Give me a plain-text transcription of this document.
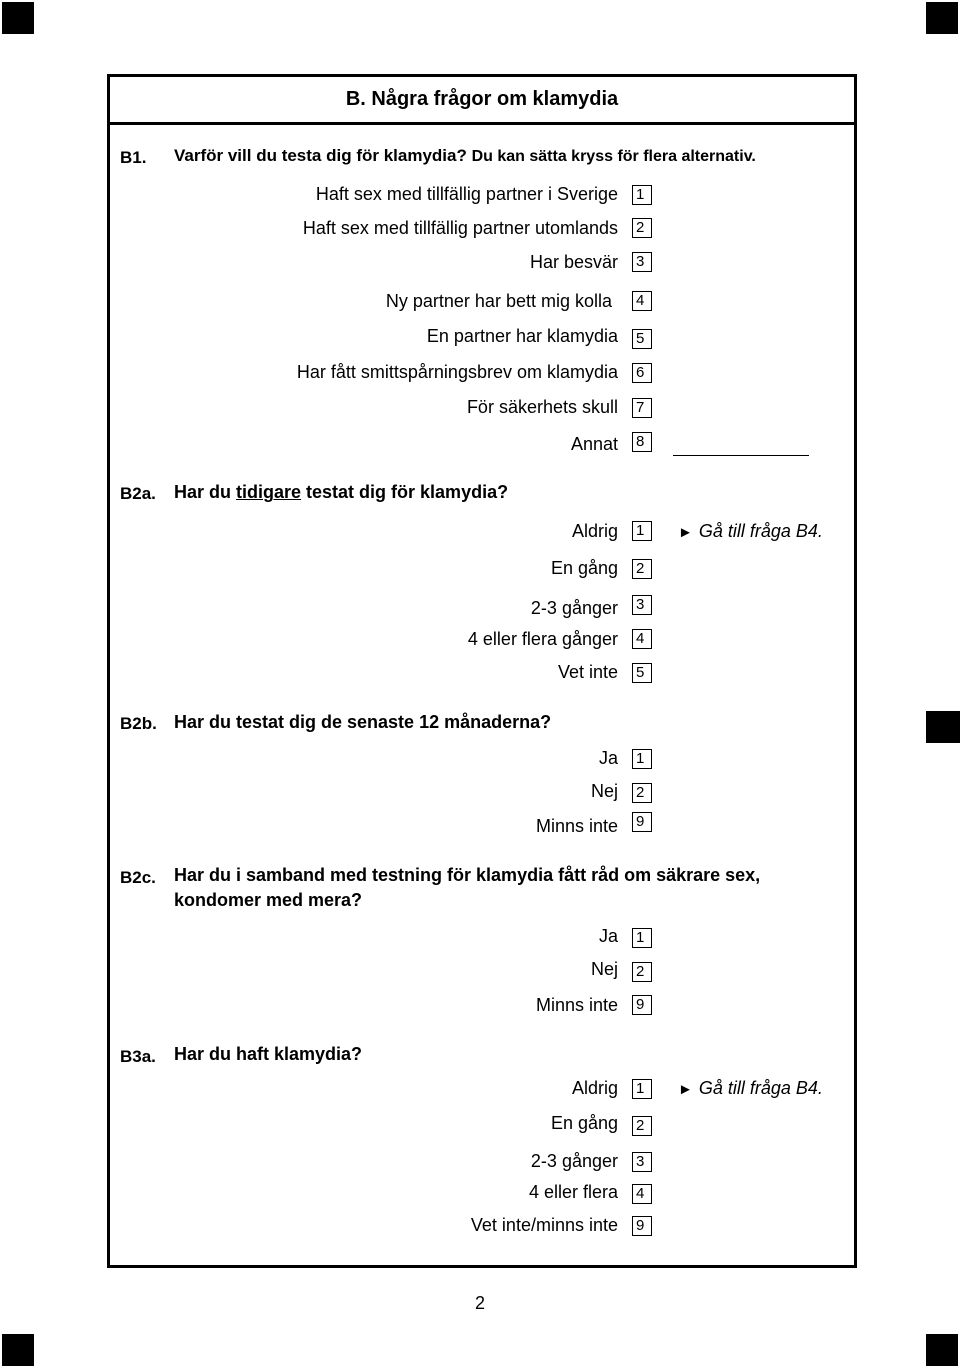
B. Några frågor om klamydia
B1. Varför vill du testa dig för klamydia? Du kan sätta kryss för flera alternativ.
Haft sex med tillfällig partner i Sverige 1
Haft sex med tillfällig partner utomlands 2
Har besvär 3
Ny partner har bett mig kolla 4
En partner har klamydia 5
Har fått smittspårningsbrev om klamydia 6
För säkerhets skull 7
Annat 8
B2a. Har du tidigare testat dig för klamydia?
Aldrig 1	► Gå till fråga B4.
En gång 2
2-3 gånger 3
4 eller flera gånger 4
Vet inte 5
B2b. Har du testat dig de senaste 12 månaderna?
Ja 1
Nej 2
Minns inte 9
B2c. Har du i samband med testning för klamydia fått råd om säkrare sex,
kondomer med mera?
Ja 1
Nej 2
Minns inte 9
B3a. Har du haft klamydia?
Aldrig 1	► Gå till fråga B4.
En gång 2
2-3 gånger 3
4 eller flera 4
Vet inte/minns inte 9
2
